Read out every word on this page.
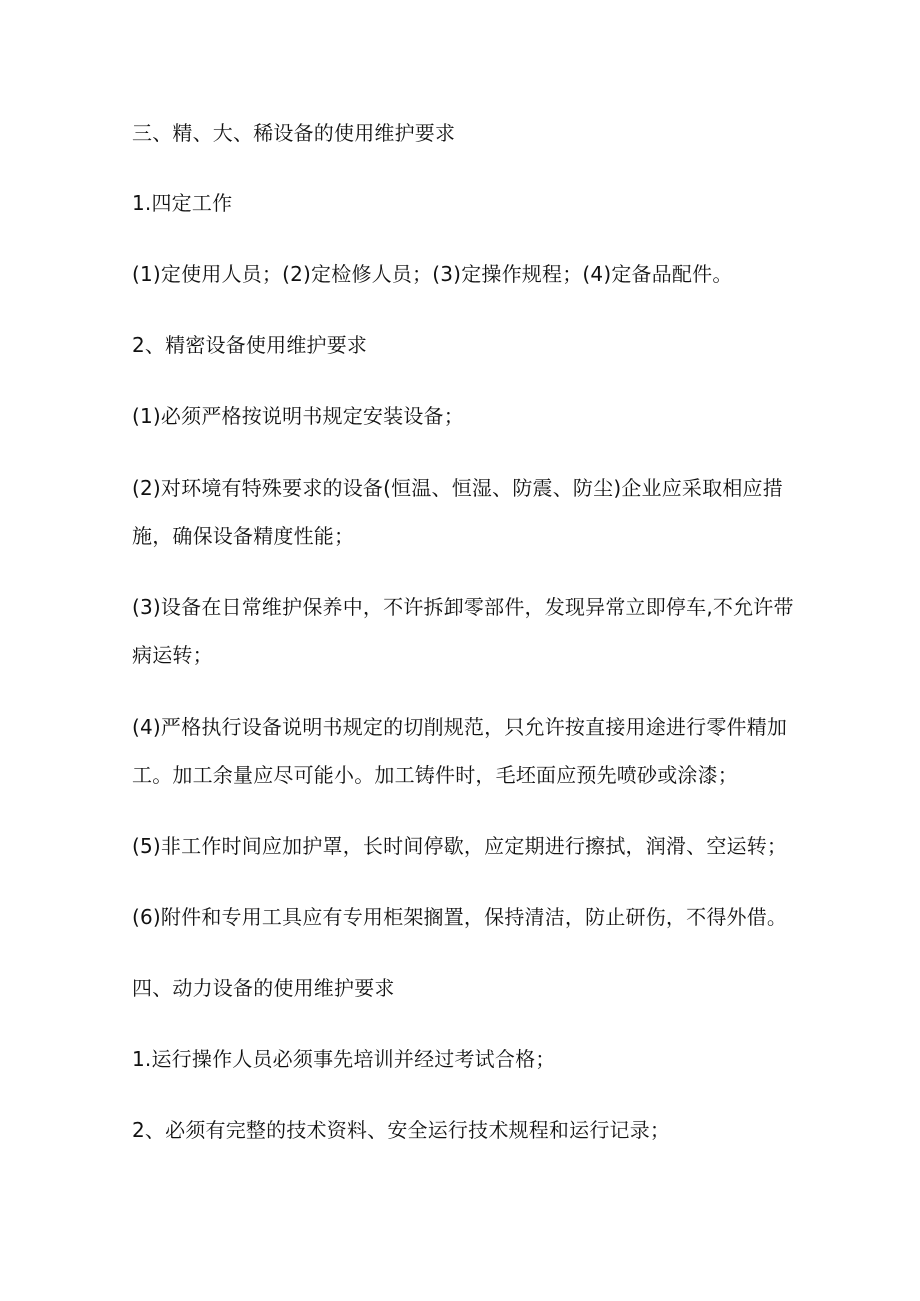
三、精、大、稀设备的使用维护要求

1.四定工作

(1)定使用人员；(2)定检修人员；(3)定操作规程；(4)定备品配件。

2、精密设备使用维护要求

(1)必须严格按说明书规定安装设备；

(2)对环境有特殊要求的设备(恒温、恒湿、防震、防尘)企业应采取相应措

施，确保设备精度性能；

(3)设备在日常维护保养中，不许拆卸零部件，发现异常立即停车,不允许带

病运转；

(4)严格执行设备说明书规定的切削规范，只允许按直接用途进行零件精加

工。加工余量应尽可能小。加工铸件时，毛坯面应预先喷砂或涂漆；

(5)非工作时间应加护罩，长时间停歇，应定期进行擦拭，润滑、空运转；

(6)附件和专用工具应有专用柜架搁置，保持清洁，防止研伤，不得外借。

四、动力设备的使用维护要求

1.运行操作人员必须事先培训并经过考试合格；

2、必须有完整的技术资料、安全运行技术规程和运行记录；
